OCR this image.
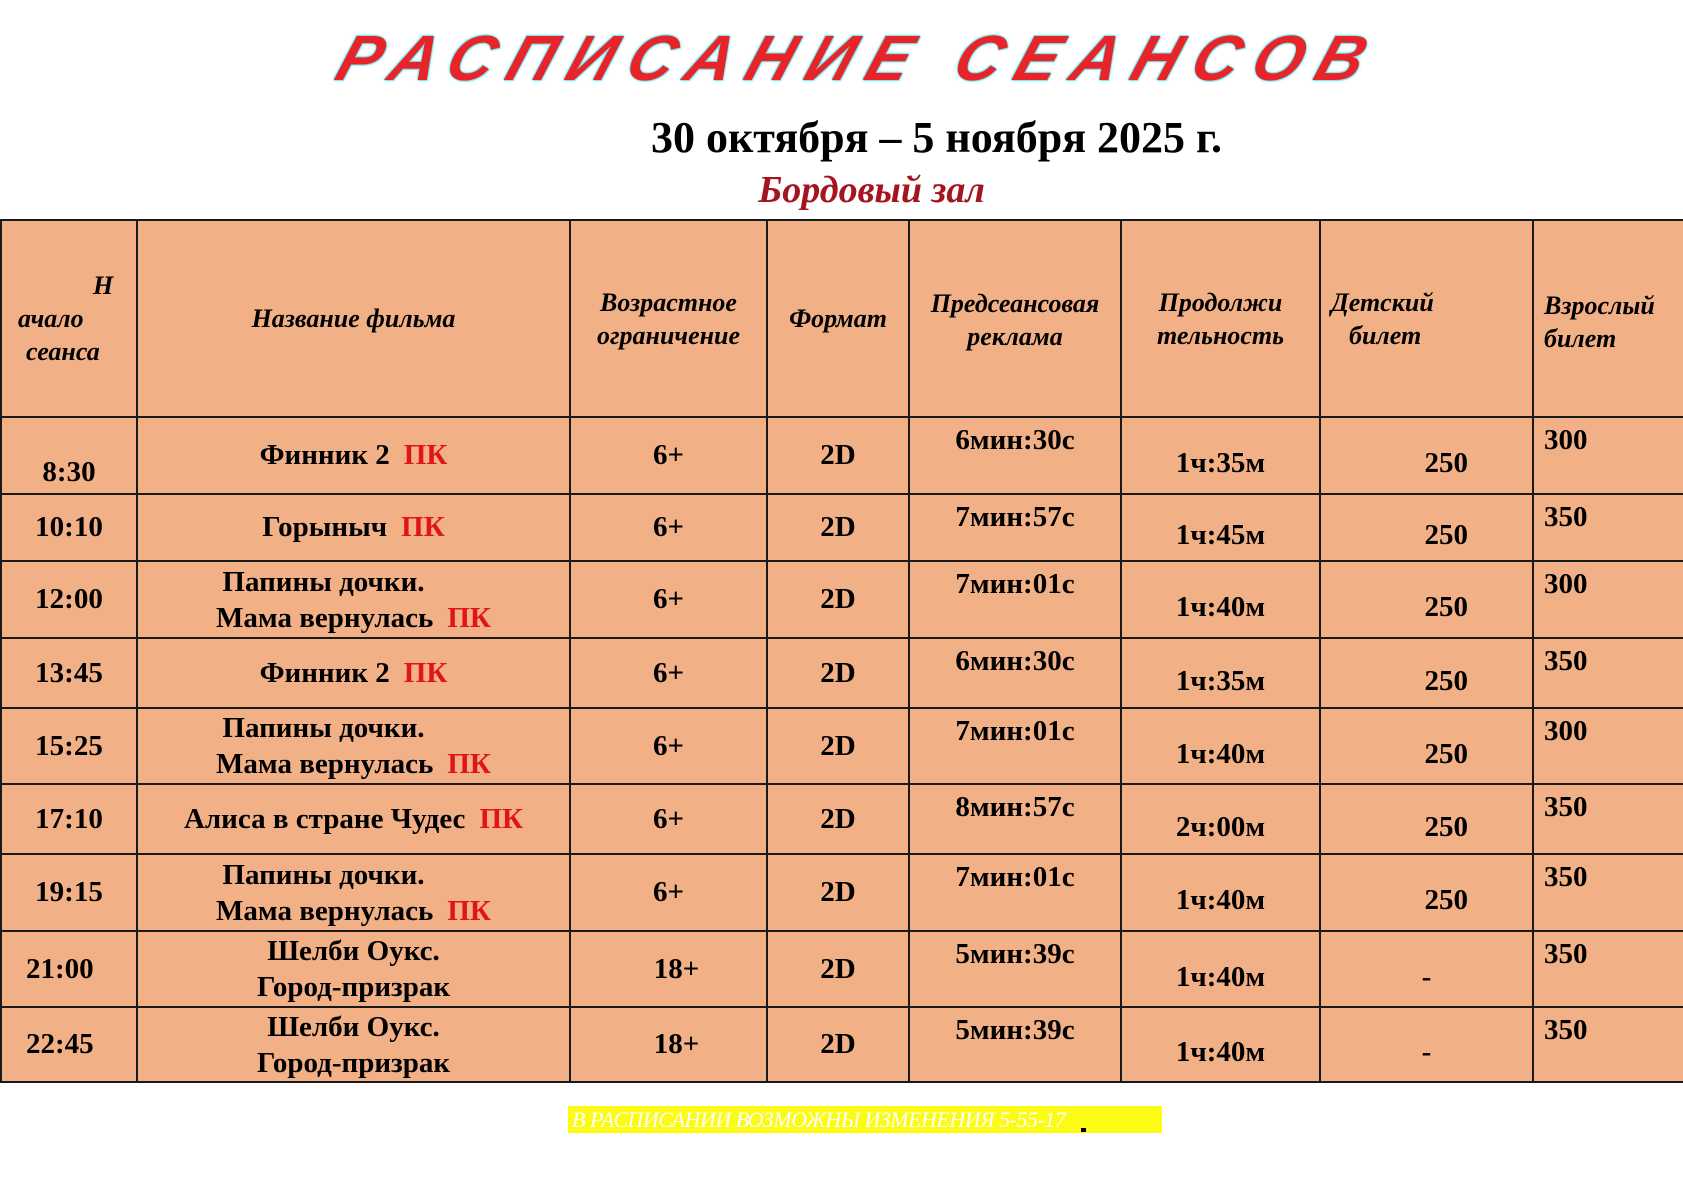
РАСПИСАНИЕ СЕАНСОВ
30 октября – 5 ноября 2025 г.
Бордовый зал
Н
ачало
сеанса	Название фильма	Возрастное
ограничение	Формат	Предсеансовая
реклама	Продолжи
тельность	Детский
билет	Взрослый
билет

8:30	Финник 2 ПК	6+	2D	6мин:30с	1ч:35м	250	300

10:10	Горыныч ПК	6+	2D	7мин:57с	1ч:45м	250	350

12:00	Папины дочки.
Мама вернулась ПК	6+	2D	7мин:01с	1ч:40м	250	300

13:45	Финник 2 ПК	6+	2D	6мин:30с	1ч:35м	250	350

15:25	Папины дочки.
Мама вернулась ПК	6+	2D	7мин:01с	1ч:40м	250	300

17:10	Алиса в стране Чудес ПК	6+	2D	8мин:57с	2ч:00м	250	350

19:15	Папины дочки.
Мама вернулась ПК	6+	2D	7мин:01с	1ч:40м	250	350

21:00	Шелби Оукс.
Город-призрак	18+	2D	5мин:39с	1ч:40м	-	350

22:45	Шелби Оукс.
Город-призрак	18+	2D	5мин:39с	1ч:40м	-	350
В РАСПИСАНИИ ВОЗМОЖНЫ ИЗМЕНЕНИЯ 5-55-17
